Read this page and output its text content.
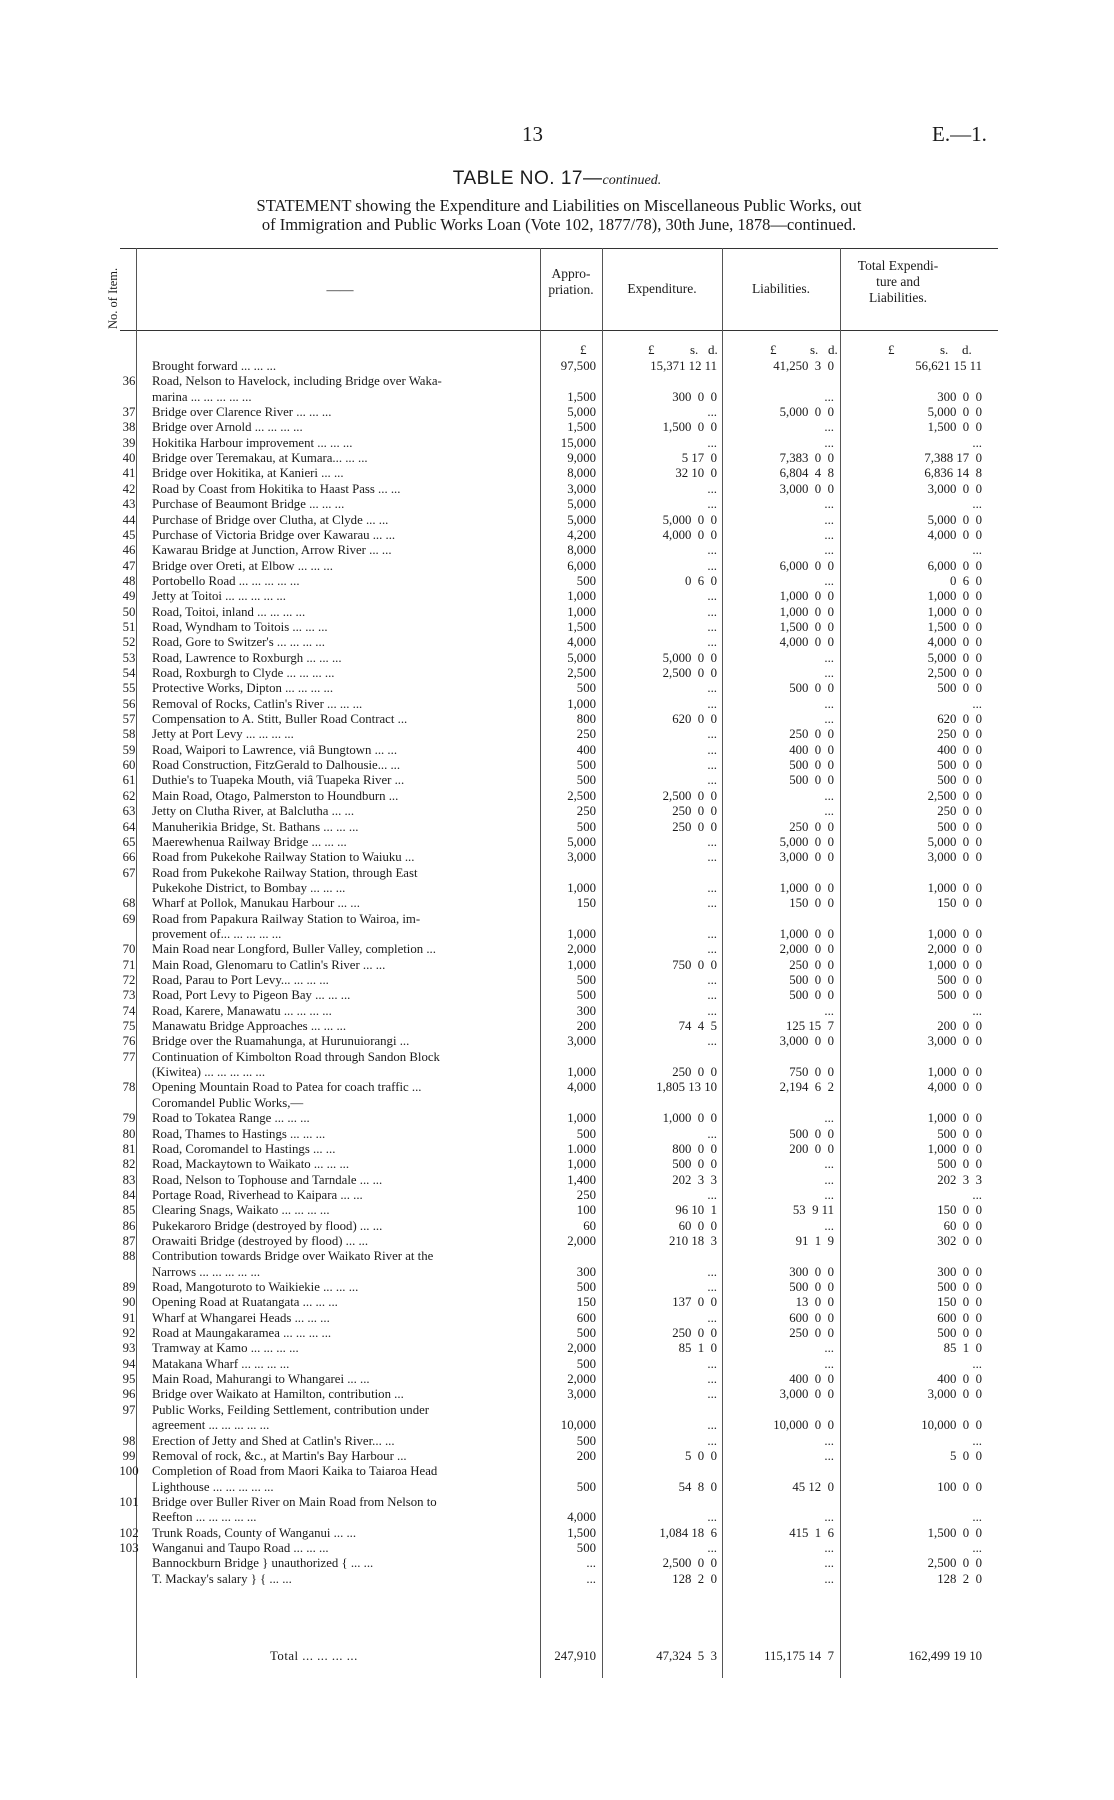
13	E.—1.
TABLE NO. 17—continued.
STATEMENT showing the Expenditure and Liabilities on Miscellaneous Public Works, out
of Immigration and Public Works Loan (Vote 102, 1877/78), 30th June, 1878—continued.
No. of Item.	——
Appro- priation.	Expenditure.	Liabilities.
Total Expendi- ture and Liabilities.
£	£	s. d.	£	s. d.	£	s. d.
Brought forward ... ... ...	97,500	15,371 12 11	41,250  3  0	56,621 15 11
36	Road, Nelson to Havelock, including Bridge over Waka-
marina ... ... ... ... ...	1,500	300  0  0	...	300  0  0
37	Bridge over Clarence River ... ... ...	5,000	...	5,000  0  0	5,000  0  0
38	Bridge over Arnold ... ... ... ...	1,500	1,500  0  0	...	1,500  0  0
39	Hokitika Harbour improvement ... ... ...	15,000	...	...	...
40	Bridge over Teremakau, at Kumara... ... ...	9,000	5 17  0	7,383  0  0	7,388 17  0
41	Bridge over Hokitika, at Kanieri ... ...	8,000	32 10  0	6,804  4  8	6,836 14  8
42	Road by Coast from Hokitika to Haast Pass ... ...	3,000	...	3,000  0  0	3,000  0  0
43	Purchase of Beaumont Bridge ... ... ...	5,000	...	...	...
44	Purchase of Bridge over Clutha, at Clyde ... ...	5,000	5,000  0  0	...	5,000  0  0
45	Purchase of Victoria Bridge over Kawarau ... ...	4,200	4,000  0  0	...	4,000  0  0
46	Kawarau Bridge at Junction, Arrow River ... ...	8,000	...	...	...
47	Bridge over Oreti, at Elbow ... ... ...	6,000	...	6,000  0  0	6,000  0  0
48	Portobello Road ... ... ... ... ...	500	0  6  0	...	0  6  0
49	Jetty at Toitoi ... ... ... ... ...	1,000	...	1,000  0  0	1,000  0  0
50	Road, Toitoi, inland ... ... ... ...	1,000	...	1,000  0  0	1,000  0  0
51	Road, Wyndham to Toitois ... ... ...	1,500	...	1,500  0  0	1,500  0  0
52	Road, Gore to Switzer's ... ... ... ...	4,000	...	4,000  0  0	4,000  0  0
53	Road, Lawrence to Roxburgh ... ... ...	5,000	5,000  0  0	...	5,000  0  0
54	Road, Roxburgh to Clyde ... ... ... ...	2,500	2,500  0  0	...	2,500  0  0
55	Protective Works, Dipton ... ... ... ...	500	...	500  0  0	500  0  0
56	Removal of Rocks, Catlin's River ... ... ...	1,000	...	...	...
57	Compensation to A. Stitt, Buller Road Contract ...	800	620  0  0	...	620  0  0
58	Jetty at Port Levy ... ... ... ...	250	...	250  0  0	250  0  0
59	Road, Waipori to Lawrence, viâ Bungtown ... ...	400	...	400  0  0	400  0  0
60	Road Construction, FitzGerald to Dalhousie... ...	500	...	500  0  0	500  0  0
61	Duthie's to Tuapeka Mouth, viâ Tuapeka River ...	500	...	500  0  0	500  0  0
62	Main Road, Otago, Palmerston to Houndburn ...	2,500	2,500  0  0	...	2,500  0  0
63	Jetty on Clutha River, at Balclutha ... ...	250	250  0  0	...	250  0  0
64	Manuherikia Bridge, St. Bathans ... ... ...	500	250  0  0	250  0  0	500  0  0
65	Maerewhenua Railway Bridge ... ... ...	5,000	...	5,000  0  0	5,000  0  0
66	Road from Pukekohe Railway Station to Waiuku ...	3,000	...	3,000  0  0	3,000  0  0
67	Road from Pukekohe Railway Station, through East
Pukekohe District, to Bombay ... ... ...	1,000	...	1,000  0  0	1,000  0  0
68	Wharf at Pollok, Manukau Harbour ... ...	150	...	150  0  0	150  0  0
69	Road from Papakura Railway Station to Wairoa, im-
provement of... ... ... ... ...	1,000	...	1,000  0  0	1,000  0  0
70	Main Road near Longford, Buller Valley, completion ...	2,000	...	2,000  0  0	2,000  0  0
71	Main Road, Glenomaru to Catlin's River ... ...	1,000	750  0  0	250  0  0	1,000  0  0
72	Road, Parau to Port Levy... ... ... ...	500	...	500  0  0	500  0  0
73	Road, Port Levy to Pigeon Bay ... ... ...	500	...	500  0  0	500  0  0
74	Road, Karere, Manawatu ... ... ... ...	300	...	...	...
75	Manawatu Bridge Approaches ... ... ...	200	74  4  5	125 15  7	200  0  0
76	Bridge over the Ruamahunga, at Hurunuiorangi ...	3,000	...	3,000  0  0	3,000  0  0
77	Continuation of Kimbolton Road through Sandon Block
(Kiwitea) ... ... ... ... ...	1,000	250  0  0	750  0  0	1,000  0  0
78	Opening Mountain Road to Patea for coach traffic ...	4,000	1,805 13 10	2,194  6  2	4,000  0  0
Coromandel Public Works,—
79	Road to Tokatea Range ... ... ...	1,000	1,000  0  0	...	1,000  0  0
80	Road, Thames to Hastings ... ... ...	500	...	500  0  0	500  0  0
81	Road, Coromandel to Hastings ... ...	1.000	800  0  0	200  0  0	1,000  0  0
82	Road, Mackaytown to Waikato ... ... ...	1,000	500  0  0	...	500  0  0
83	Road, Nelson to Tophouse and Tarndale ... ...	1,400	202  3  3	...	202  3  3
84	Portage Road, Riverhead to Kaipara ... ...	250	...	...	...
85	Clearing Snags, Waikato ... ... ... ...	100	96 10  1	53  9 11	150  0  0
86	Pukekaroro Bridge (destroyed by flood) ... ...	60	60  0  0	...	60  0  0
87	Orawaiti Bridge (destroyed by flood) ... ...	2,000	210 18  3	91  1  9	302  0  0
88	Contribution towards Bridge over Waikato River at the
Narrows ... ... ... ... ...	300	...	300  0  0	300  0  0
89	Road, Mangoturoto to Waikiekie ... ... ...	500	...	500  0  0	500  0  0
90	Opening Road at Ruatangata ... ... ...	150	137  0  0	13  0  0	150  0  0
91	Wharf at Whangarei Heads ... ... ...	600	...	600  0  0	600  0  0
92	Road at Maungakaramea ... ... ... ...	500	250  0  0	250  0  0	500  0  0
93	Tramway at Kamo ... ... ... ...	2,000	85  1  0	...	85  1  0
94	Matakana Wharf ... ... ... ...	500	...	...	...
95	Main Road, Mahurangi to Whangarei ... ...	2,000	...	400  0  0	400  0  0
96	Bridge over Waikato at Hamilton, contribution ...	3,000	...	3,000  0  0	3,000  0  0
97	Public Works, Feilding Settlement, contribution under
agreement ... ... ... ... ...	10,000	...	10,000  0  0	10,000  0  0
98	Erection of Jetty and Shed at Catlin's River... ...	500	...	...	...
99	Removal of rock, &c., at Martin's Bay Harbour ...	200	5  0  0	...	5  0  0
100 Completion of Road from Maori Kaika to Taiaroa Head
Lighthouse ... ... ... ... ...	500	54  8  0	45 12  0	100  0  0
101 Bridge over Buller River on Main Road from Nelson to
Reefton ... ... ... ... ...	4,000	...	...	...
102 Trunk Roads, County of Wanganui ... ...	1,500	1,084 18  6	415  1  6	1,500  0  0
103 Wanganui and Taupo Road ... ... ...	500	...	...	...
Bannockburn Bridge } unauthorized { ... ...	...	2,500  0  0	...	2,500  0  0
T. Mackay's salary } { ... ...	...	128  2  0	...	128  2  0
Total ... ... ... ...	247,910	47,324  5  3	115,175 14  7	162,499 19 10
